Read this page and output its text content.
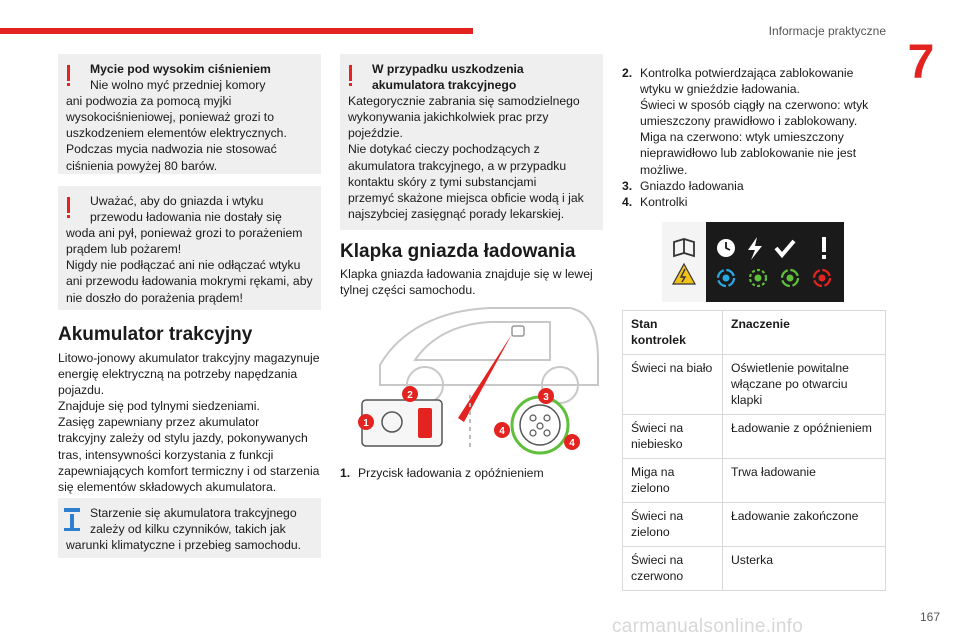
Informacje praktyczne
7
167
carmanualsonline.info

Mycie pod wysokim ciśnieniem
Nie wolno myć przedniej komory

ani podwozia za pomocą myjki
wysokociśnieniowej, ponieważ grozi to
uszkodzeniem elementów elektrycznych.
Podczas mycia nadwozia nie stosować
ciśnienia powyżej 80 barów.

Uważać, aby do gniazda i wtyku
przewodu ładowania nie dostały się

woda ani pył, ponieważ grozi to porażeniem
prądem lub pożarem!
Nigdy nie podłączać ani nie odłączać wtyku
ani przewodu ładowania mokrymi rękami, aby
nie doszło do porażenia prądem!

Akumulator trakcyjny
Litowo-jonowy akumulator trakcyjny magazynuje
energię elektryczną na potrzeby napędzania
pojazdu.
Znajduje się pod tylnymi siedzeniami.
Zasięg zapewniany przez akumulator
trakcyjny zależy od stylu jazdy, pokonywanych
tras, intensywności korzystania z funkcji
zapewniających komfort termiczny i od starzenia
się elementów składowych akumulatora.

Starzenie się akumulatora trakcyjnego
zależy od kilku czynników, takich jak

warunki klimatyczne i przebieg samochodu.

W przypadku uszkodzenia
akumulatora trakcyjnego

Kategorycznie zabrania się samodzielnego
wykonywania jakichkolwiek prac przy
pojeździe.
Nie dotykać cieczy pochodzących z
akumulatora trakcyjnego, a w przypadku
kontaktu skóry z tymi substancjami
przemyć skażone miejsca obficie wodą i jak
najszybciej zasięgnąć porady lekarskiej.

Klapka gniazda ładowania
Klapka gniazda ładowania znajduje się w lewej
tylnej części samochodu.
1
2	3
4
4
1. Przycisk ładowania z opóźnieniem
2. Kontrolka potwierdzająca zablokowanie
wtyku w gnieździe ładowania.
Świeci w sposób ciągły na czerwono: wtyk
umieszczony prawidłowo i zablokowany.
Miga na czerwono: wtyk umieszczony
nieprawidłowo lub zablokowanie nie jest
możliwe.
3. Gniazdo ładowania
4. Kontrolki
Stan
kontrolek	Znaczenie
Świeci na biało	Oświetlenie powitalne
włączane po otwarciu
klapki
Świeci na
niebiesko	Ładowanie z opóźnieniem
Miga na
zielono	Trwa ładowanie
Świeci na
zielono	Ładowanie zakończone
Świeci na
czerwono	Usterka
